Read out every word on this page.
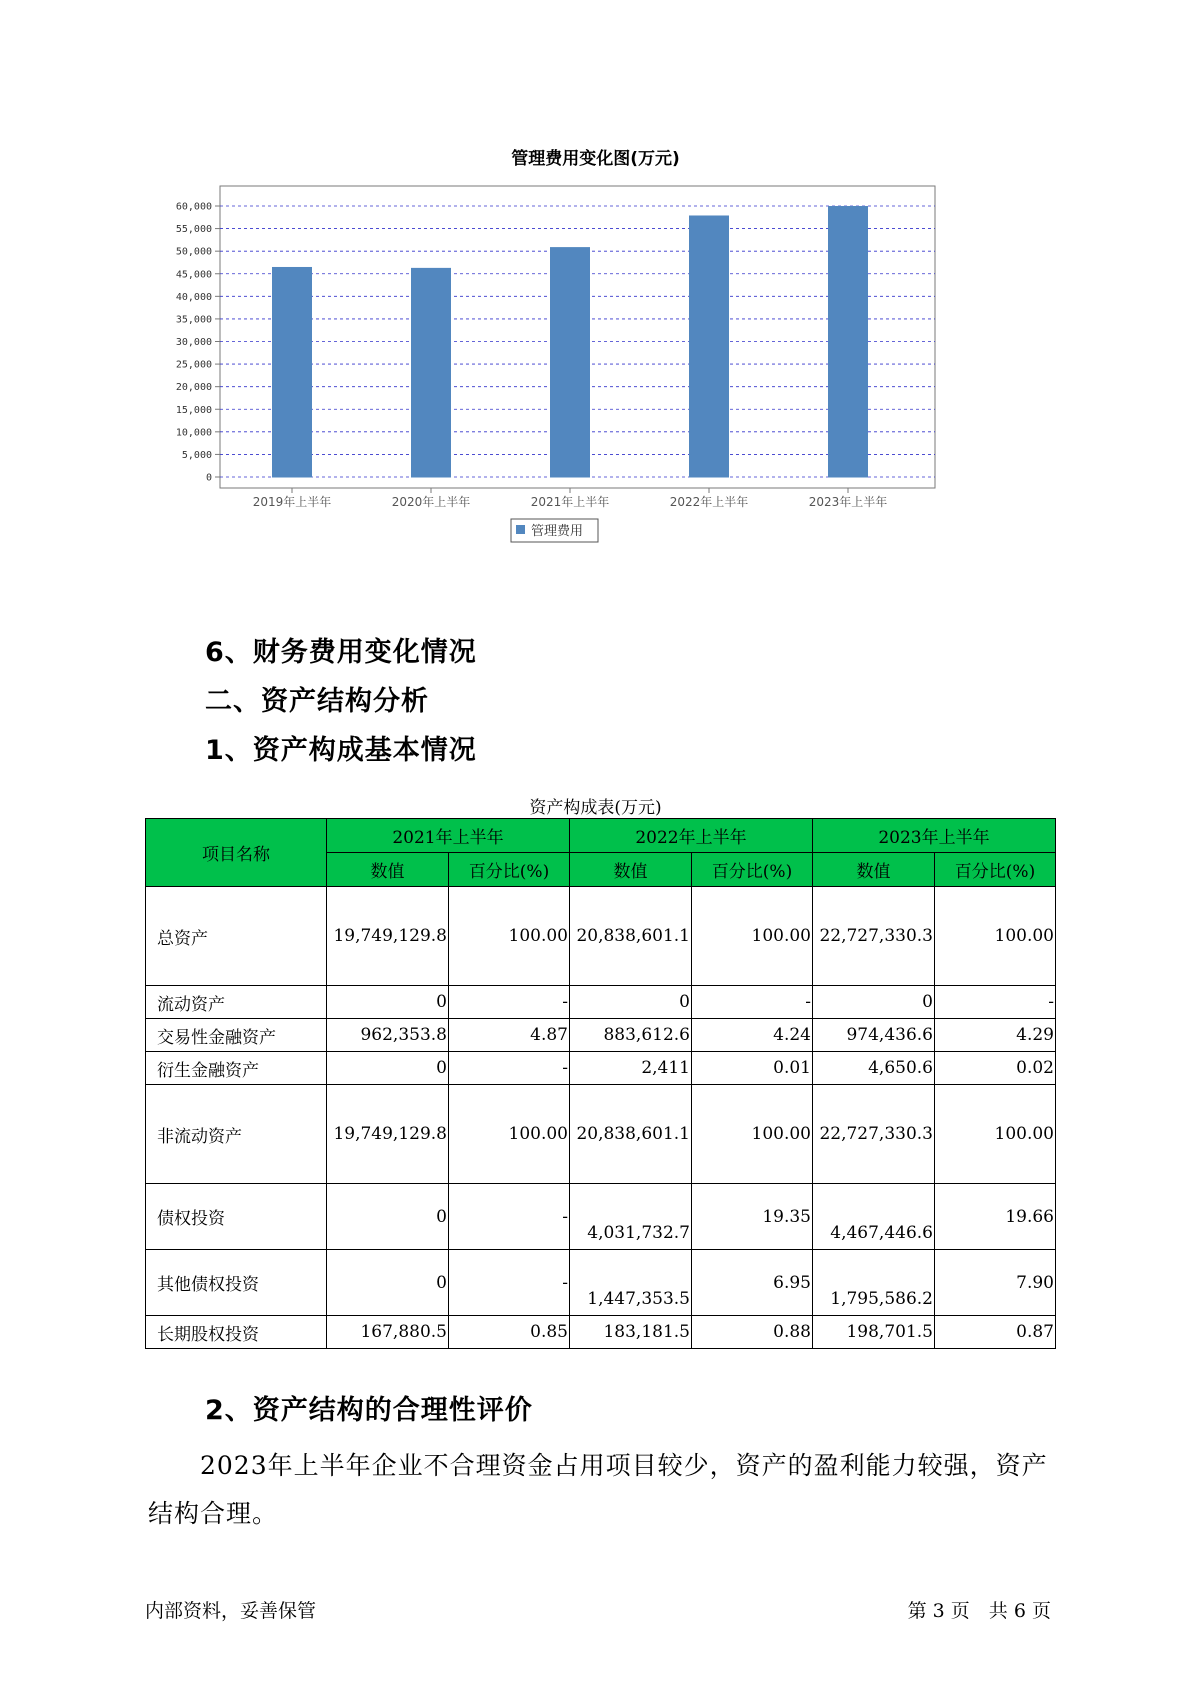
管理费用变化图(万元)
0
5,000
10,000
15,000
20,000
25,000
30,000
35,000
40,000
45,000
50,000
55,000
60,000
2019年上半年	2020年上半年	2021年上半年	2022年上半年	2023年上半年
管理费用
6、财务费用变化情况
二、资产结构分析
1、资产构成基本情况
资产构成表(万元)
项目名称	2021年上半年		2022年上半年		2023年上半年	
	数值	百分比(%)	数值	百分比(%)	数值	百分比(%)
总资产	19,749,129.8	100.00	20,838,601.1	100.00	22,727,330.3	100.00
流动资产	0	-	0	-	0	-
交易性金融资产	962,353.8	4.87	883,612.6	4.24	974,436.6	4.29
衍生金融资产	0	-	2,411	0.01	4,650.6	0.02
非流动资产	19,749,129.8	100.00	20,838,601.1	100.00	22,727,330.3	100.00
债权投资	0	-	4,031,732.7	19.35	4,467,446.6	19.66
其他债权投资	0	-	1,447,353.5	6.95	1,795,586.2	7.90
长期股权投资	167,880.5	0.85	183,181.5	0.88	198,701.5	0.87
2、资产结构的合理性评价
2023年上半年企业不合理资金占用项目较少，资产的盈利能力较强，资产结构合理。
内部资料，妥善保管	第 3 页　共 6 页
